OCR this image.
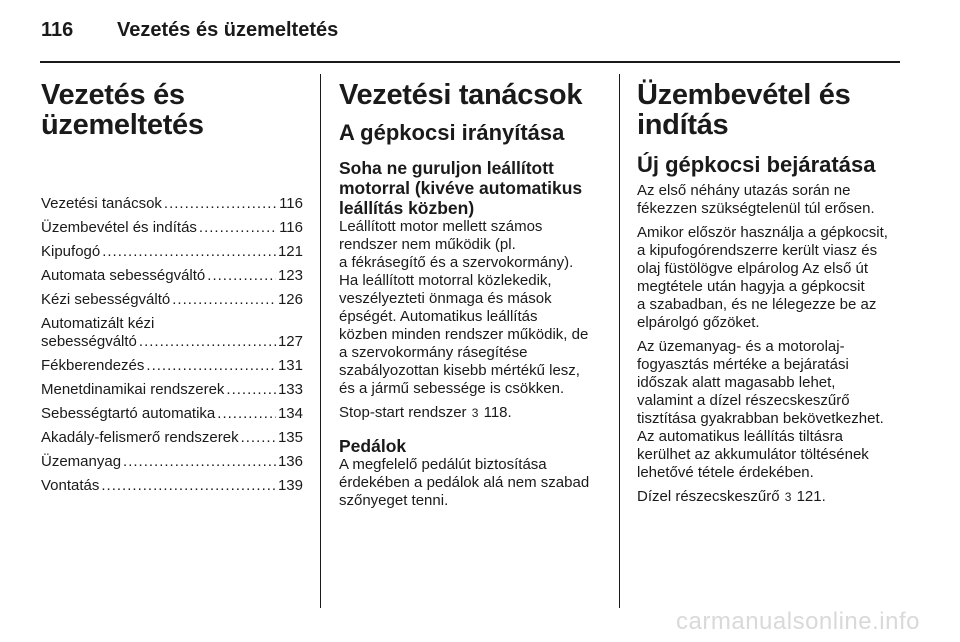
116	Vezetés és üzemeltetés
Vezetés és
üzemeltetés
Vezetési tanácsok .....	116
Üzembevétel és indítás .....	116
Kipufogó .....	121
Automata sebességváltó .....	123
Kézi sebességváltó .....	126
Automatizált kézi
sebességváltó .....	127
Fékberendezés .....	131
Menetdinamikai rendszerek .....	133
Sebességtartó automatika .....	134
Akadály-felismerő rendszerek .....	135
Üzemanyag .....	136
Vontatás .....	139
Vezetési tanácsok
A gépkocsi irányítása
Soha ne guruljon leállított
motorral (kivéve automatikus
leállítás közben)
Leállított motor mellett számos
rendszer nem működik (pl.
a fékrásegítő és a szervokormány).
Ha leállított motorral közlekedik,
veszélyezteti önmaga és mások
épségét. Automatikus leállítás
közben minden rendszer működik, de
a szervokormány rásegítése
szabályozottan kisebb mértékű lesz,
és a jármű sebessége is csökken.
Stop-start rendszer 3 118.
Pedálok
A megfelelő pedálút biztosítása
érdekében a pedálok alá nem szabad
szőnyeget tenni.
Üzembevétel és indítás
Új gépkocsi bejáratása
Az első néhány utazás során ne
fékezzen szükségtelenül túl erősen.
Amikor először használja a gépkocsit,
a kipufogórendszerre került viasz és
olaj füstölögve elpárolog Az első út
megtétele után hagyja a gépkocsit
a szabadban, és ne lélegezze be az
elpárolgó gőzöket.
Az üzemanyag- és a motorolaj-
fogyasztás mértéke a bejáratási
időszak alatt magasabb lehet,
valamint a dízel részecskeszűrő
tisztítása gyakrabban bekövetkezhet.
Az automatikus leállítás tiltásra
kerülhet az akkumulátor töltésének
lehetővé tétele érdekében.
Dízel részecskeszűrő 3 121.
carmanualsonline.info
